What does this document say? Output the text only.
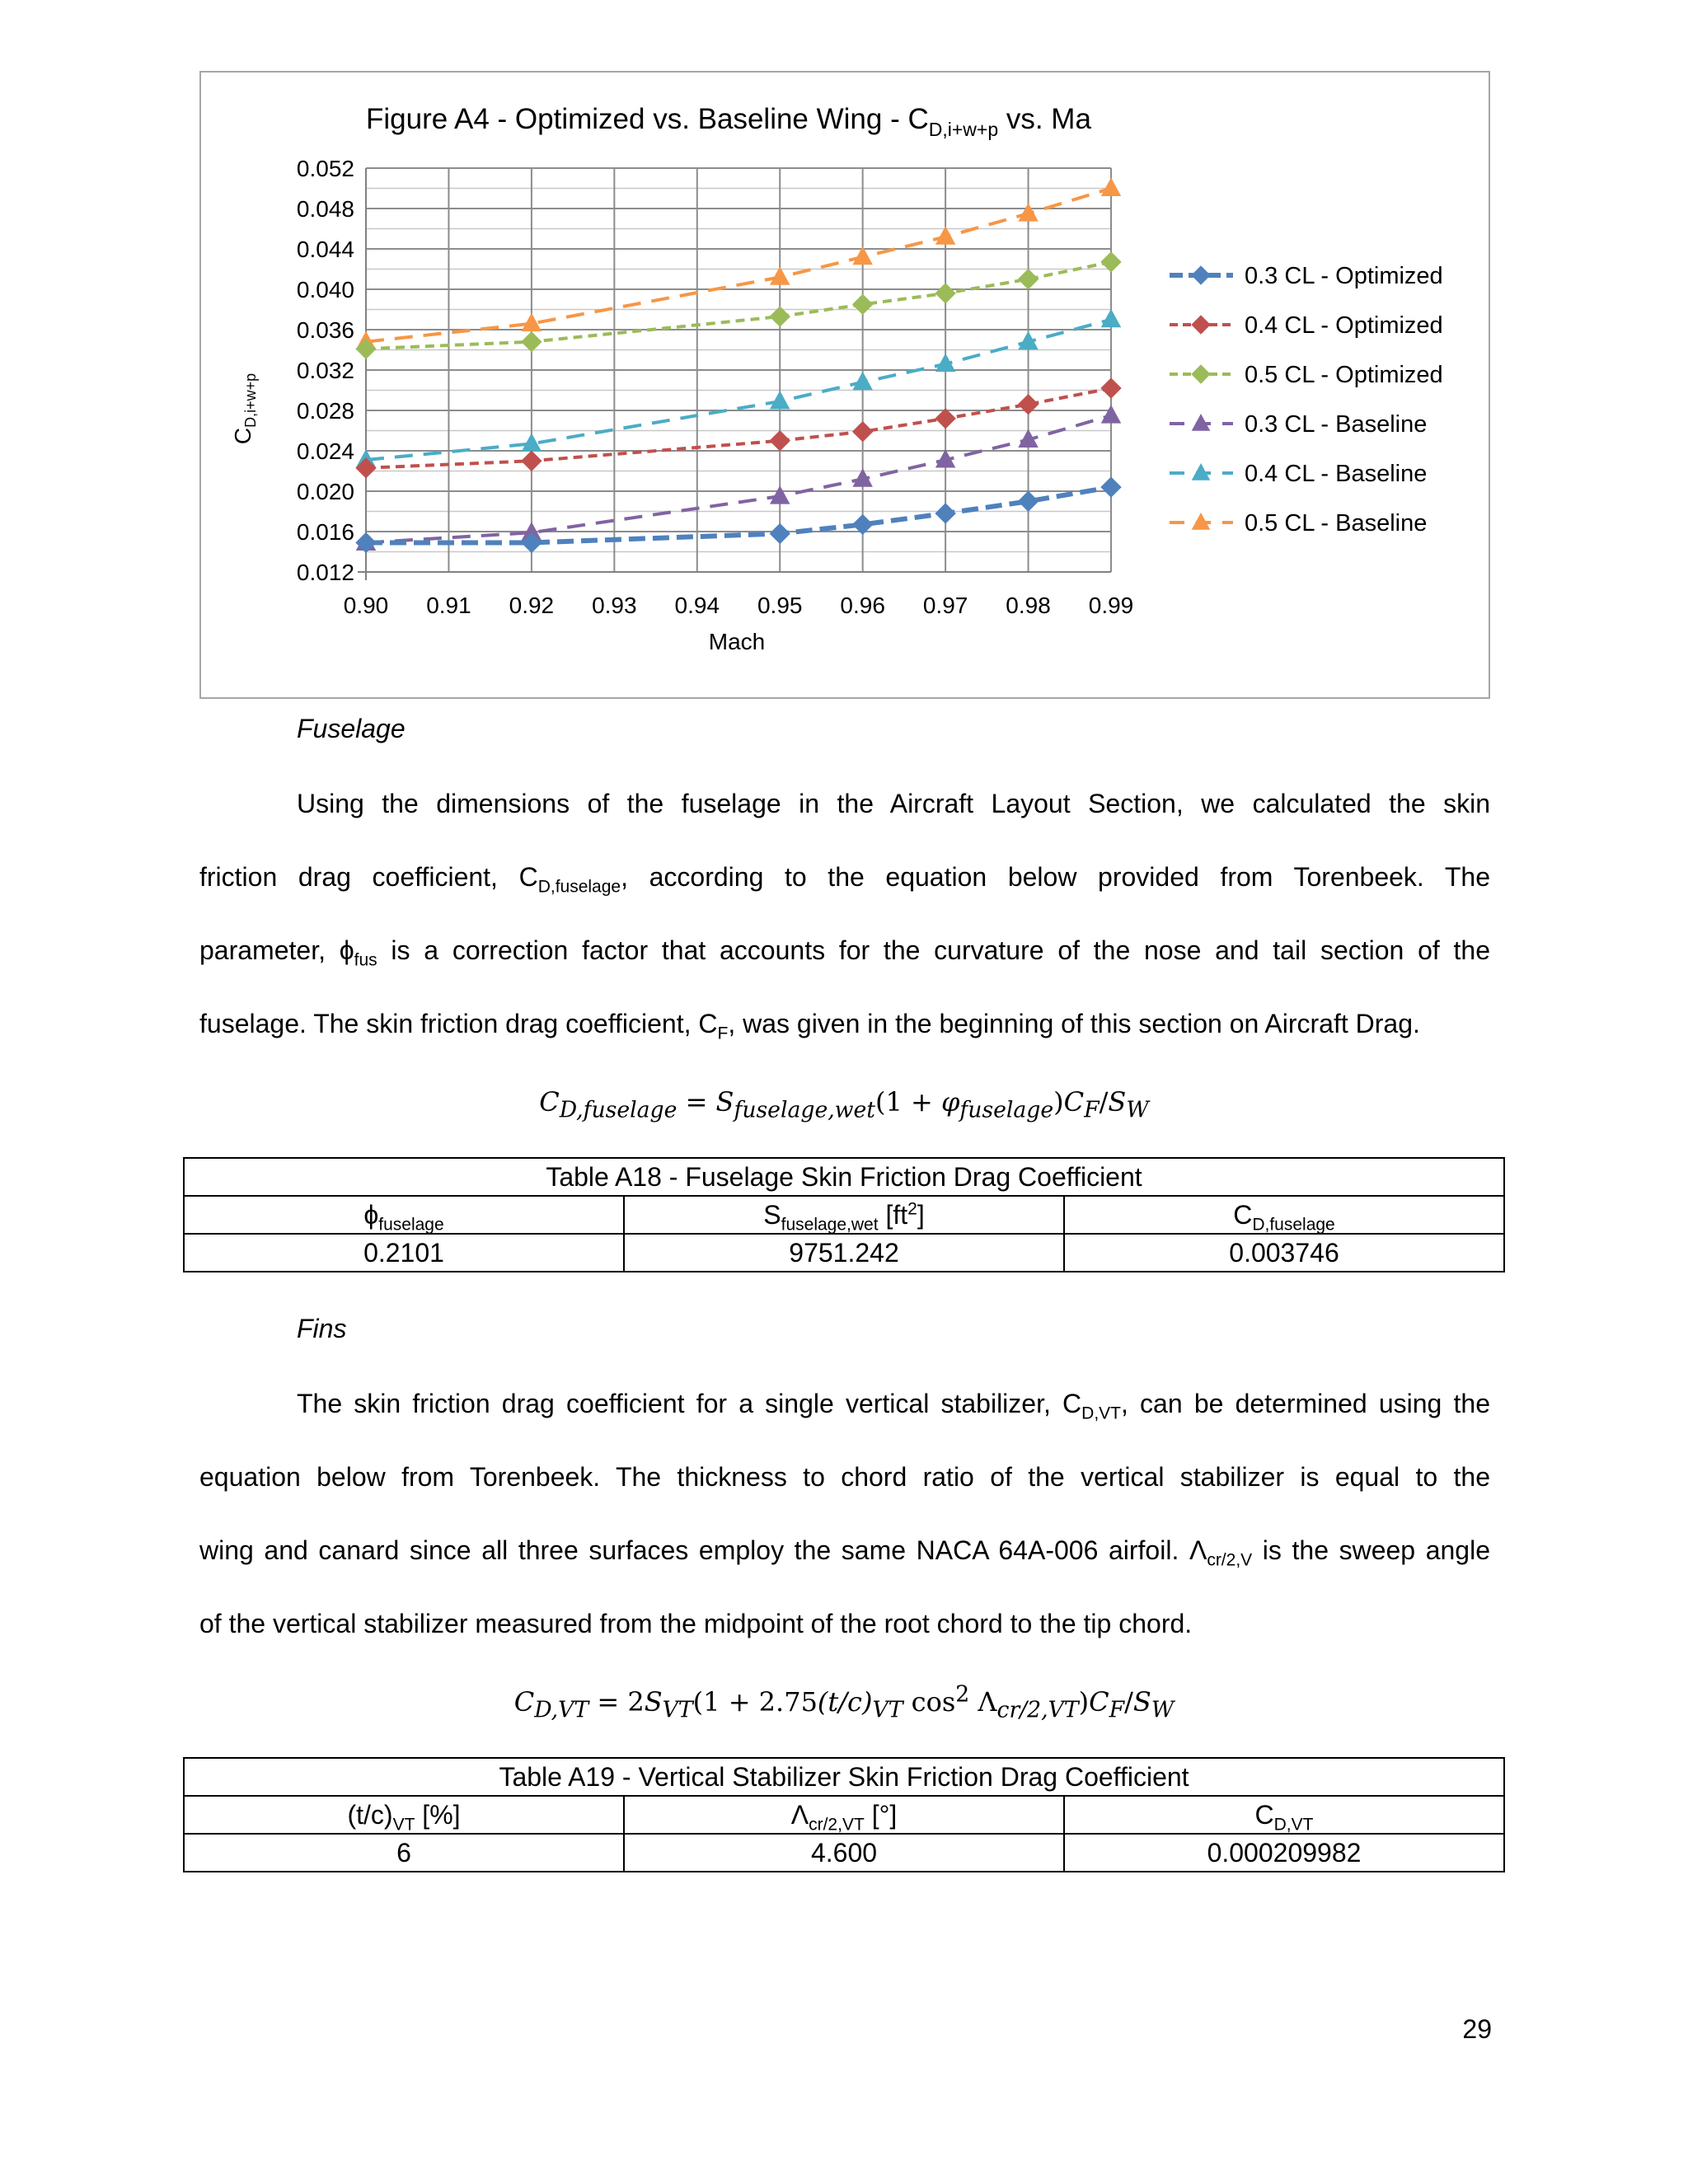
Figure A4 - Optimized vs. Baseline Wing - $C_{D,i+w+p}$ vs. Ma
0.052
0.048
0.044
0.040
0.036
0.032
0.028
0.024
0.020
0.016
0.012
0.90 0.91 0.92 0.93 0.94 0.95 0.96 0.97 0.98 0.99
Mach
$C_{D,i+w+p}$
0.3 CL - Optimized
0.4 CL - Optimized
0.5 CL - Optimized
0.3 CL - Baseline
0.4 CL - Baseline
0.5 CL - Baseline
Fuselage
Using the dimensions of the fuselage in the Aircraft Layout Section, we calculated the skin
friction drag coefficient, $C_{D,fuselage}$, according to the equation below provided from Torenbeek. The
parameter, $\phi_{fus}$ is a correction factor that accounts for the curvature of the nose and tail section of the
fuselage. The skin friction drag coefficient, $C_F$, was given in the beginning of this section on Aircraft Drag.
$C_{D,fuselage} = S_{fuselage,wet}(1 + \varphi_{fuselage})C_F/S_W$
Table A18 - Fuselage Skin Friction Drag Coefficient		
$\phi_{fuselage}$	$S_{fuselage,wet}$ $[ft^2]$	$C_{D,fuselage}$
0.2101	9751.242	0.003746
Fins
The skin friction drag coefficient for a single vertical stabilizer, $C_{D,VT}$, can be determined using the
equation below from Torenbeek. The thickness to chord ratio of the vertical stabilizer is equal to the
wing and canard since all three surfaces employ the same NACA 64A-006 airfoil. $\Lambda_{cr/2,V}$ is the sweep angle
of the vertical stabilizer measured from the midpoint of the root chord to the tip chord.
$C_{D,VT} = 2S_{VT}(1 + 2.75(t/c)_{VT}$ $\cos^2 \Lambda_{cr/2,VT})C_F/S_W$
Table A19 - Vertical Stabilizer Skin Friction Drag Coefficient		
$(t/c)_{VT}$ [%]	$\Lambda_{cr/2,VT}$ [°]	$C_{D,VT}$
6	4.600	0.000209982
29
